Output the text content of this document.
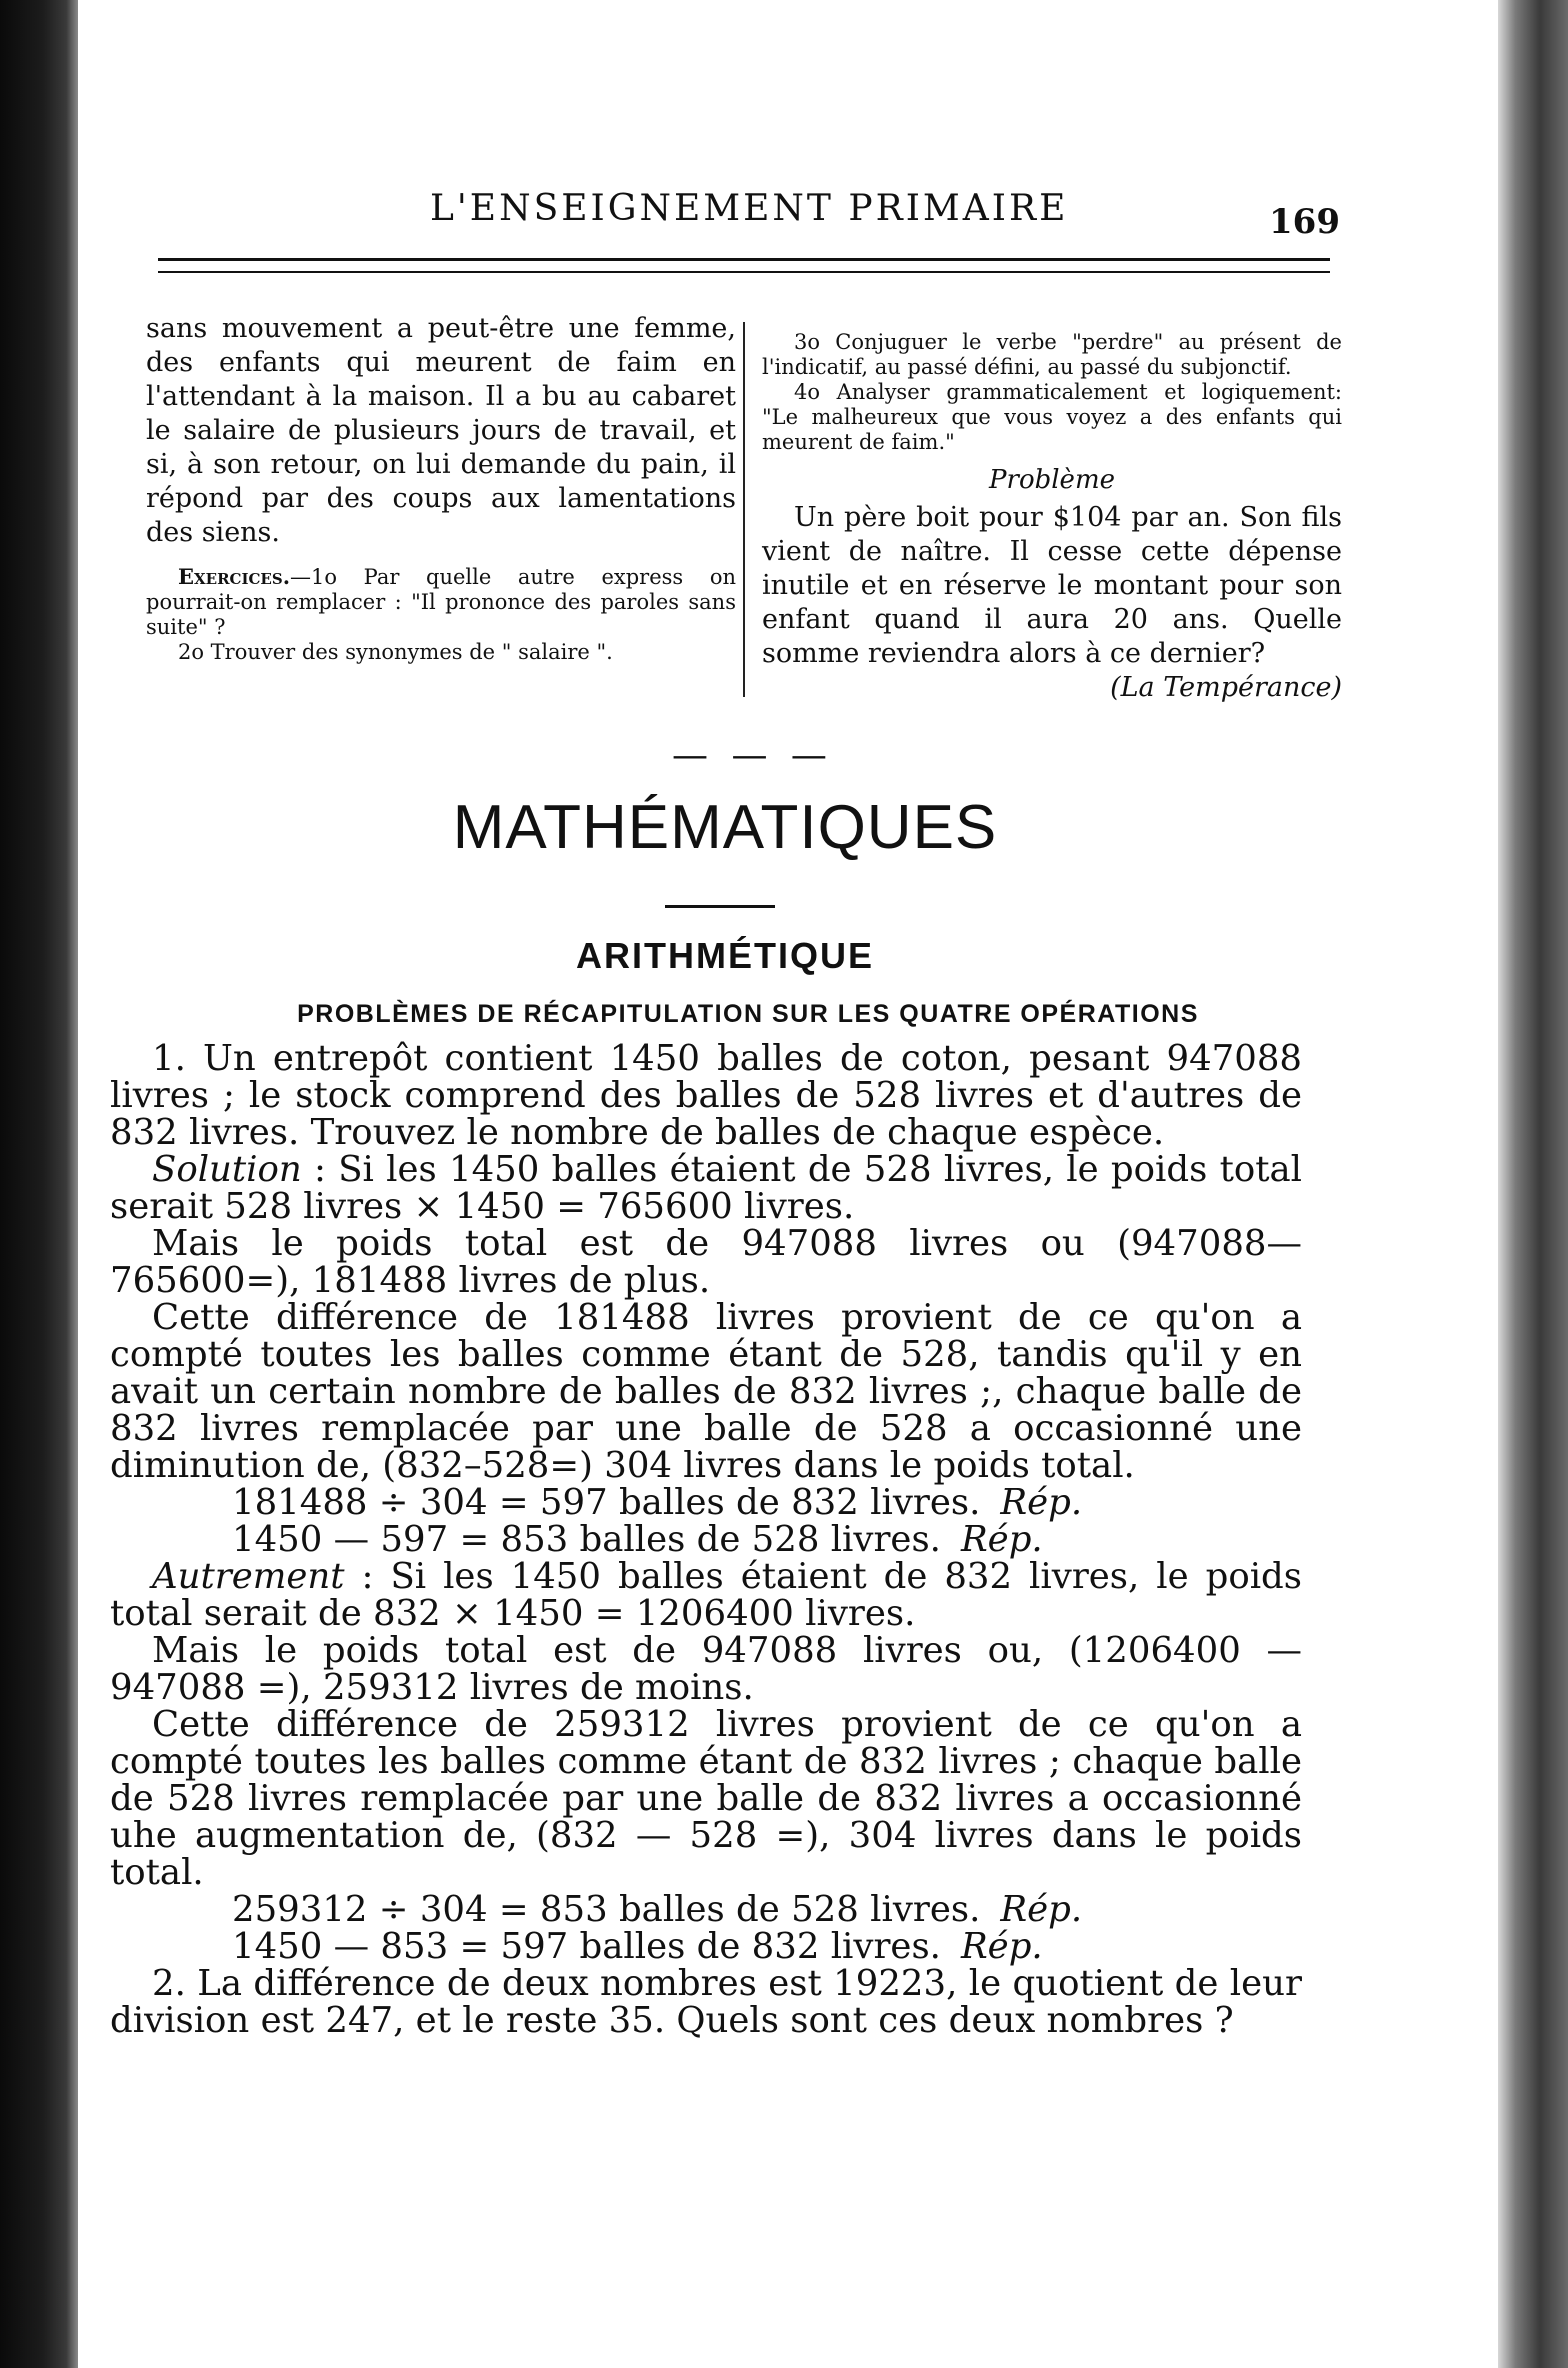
L'ENSEIGNEMENT PRIMAIRE	169

sans mouvement a peut-être une femme, des enfants qui meurent de faim en l'attendant à la maison. Il a bu au cabaret le salaire de plusieurs jours de travail, et si, à son retour, on lui demande du pain, il répond par des coups aux lamentations des siens.

Exercices.—1o Par quelle autre express on pourrait-on remplacer : "Il prononce des paroles sans suite" ?

2o Trouver des synonymes de " salaire ".

3o Conjuguer le verbe "perdre" au présent de l'indicatif, au passé défini, au passé du subjonctif.

4o Analyser grammaticalement et logiquement: "Le malheureux que vous voyez a des enfants qui meurent de faim."

Problème

Un père boit pour $104 par an. Son fils vient de naître. Il cesse cette dépense inutile et en réserve le montant pour son enfant quand il aura 20 ans. Quelle somme reviendra alors à ce dernier?

(La Tempérance)

— — —
MATHÉMATIQUES
ARITHMÉTIQUE
PROBLÈMES DE RÉCAPITULATION SUR LES QUATRE OPÉRATIONS

1. Un entrepôt contient 1450 balles de coton, pesant 947088 livres ; le stock comprend des balles de 528 livres et d'autres de 832 livres. Trouvez le nombre de balles de chaque espèce.

Solution : Si les 1450 balles étaient de 528 livres, le poids total serait 528 livres × 1450 = 765600 livres.

Mais le poids total est de 947088 livres ou (947088—765600=), 181488 livres de plus.

Cette différence de 181488 livres provient de ce qu'on a compté toutes les balles comme étant de 528, tandis qu'il y en avait un certain nombre de balles de 832 livres ;, chaque balle de 832 livres remplacée par une balle de 528 a occasionné une diminution de, (832–528=) 304 livres dans le poids total.

181488 ÷ 304 = 597 balles de 832 livres. Rép.

1450 — 597 = 853 balles de 528 livres. Rép.

Autrement : Si les 1450 balles étaient de 832 livres, le poids total serait de 832 × 1450 = 1206400 livres.

Mais le poids total est de 947088 livres ou, (1206400 — 947088 =), 259312 livres de moins.

Cette différence de 259312 livres provient de ce qu'on a compté toutes les balles comme étant de 832 livres ; chaque balle de 528 livres remplacée par une balle de 832 livres a occasionné uhe augmentation de, (832 — 528 =), 304 livres dans le poids total.

259312 ÷ 304 = 853 balles de 528 livres. Rép.

1450 — 853 = 597 balles de 832 livres. Rép.

2. La différence de deux nombres est 19223, le quotient de leur division est 247, et le reste 35. Quels sont ces deux nombres ?
